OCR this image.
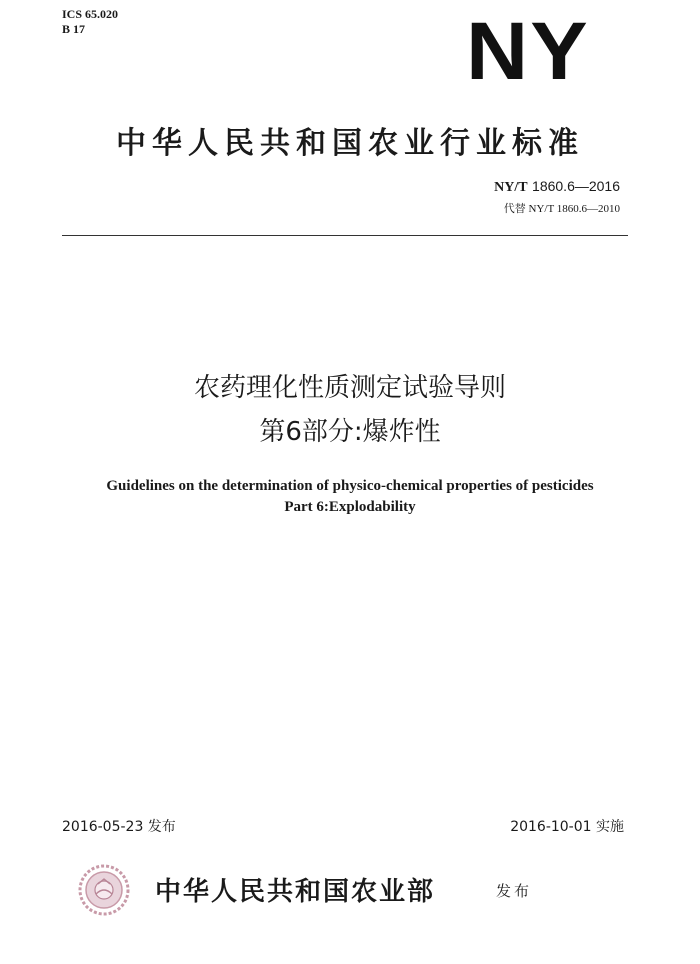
ICS 65.020
B 17	NY
中华人民共和国农业行业标准
NY/T 1860.6—2016
代替 NY/T 1860.6—2010
农药理化性质测定试验导则
第6部分:爆炸性
Guidelines on the determination of physico-chemical properties of pesticides
Part 6:Explodability
2016-05-23 发布	2016-10-01 实施
中华人民共和国农业部	发布
